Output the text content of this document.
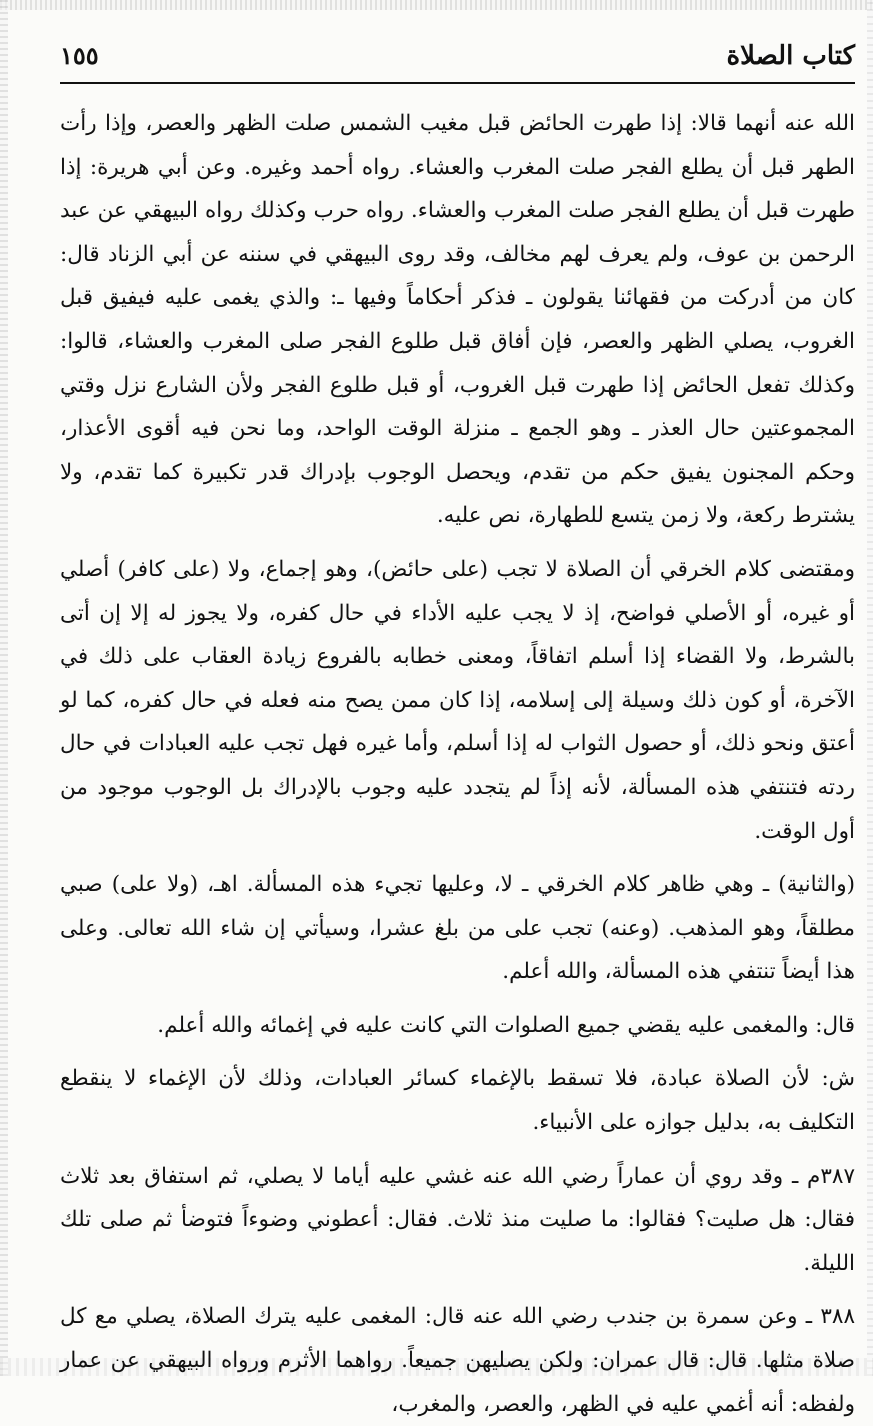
كتاب الصلاة
١٥٥

الله عنه أنهما قالا: إذا طهرت الحائض قبل مغيب الشمس صلت الظهر والعصر، وإذا رأت الطهر قبل أن يطلع الفجر صلت المغرب والعشاء. رواه أحمد وغيره. وعن أبي هريرة: إذا طهرت قبل أن يطلع الفجر صلت المغرب والعشاء. رواه حرب وكذلك رواه البيهقي عن عبد الرحمن بن عوف، ولم يعرف لهم مخالف، وقد روى البيهقي في سننه عن أبي الزناد قال: كان من أدركت من فقهائنا يقولون ـ فذكر أحكاماً وفيها ـ: والذي يغمى عليه فيفيق قبل الغروب، يصلي الظهر والعصر، فإن أفاق قبل طلوع الفجر صلى المغرب والعشاء، قالوا: وكذلك تفعل الحائض إذا طهرت قبل الغروب، أو قبل طلوع الفجر ولأن الشارع نزل وقتي المجموعتين حال العذر ـ وهو الجمع ـ منزلة الوقت الواحد، وما نحن فيه أقوى الأعذار، وحكم المجنون يفيق حكم من تقدم، ويحصل الوجوب بإدراك قدر تكبيرة كما تقدم، ولا يشترط ركعة، ولا زمن يتسع للطهارة، نص عليه.

ومقتضى كلام الخرقي أن الصلاة لا تجب (على حائض)، وهو إجماع، ولا (على كافر) أصلي أو غيره، أو الأصلي فواضح، إذ لا يجب عليه الأداء في حال كفره، ولا يجوز له إلا إن أتى بالشرط، ولا القضاء إذا أسلم اتفاقاً، ومعنى خطابه بالفروع زيادة العقاب على ذلك في الآخرة، أو كون ذلك وسيلة إلى إسلامه، إذا كان ممن يصح منه فعله في حال كفره، كما لو أعتق ونحو ذلك، أو حصول الثواب له إذا أسلم، وأما غيره فهل تجب عليه العبادات في حال ردته فتنتفي هذه المسألة، لأنه إذاً لم يتجدد عليه وجوب بالإدراك بل الوجوب موجود من أول الوقت.

(والثانية) ـ وهي ظاهر كلام الخرقي ـ لا، وعليها تجيء هذه المسألة. اهـ، (ولا على) صبي مطلقاً، وهو المذهب. (وعنه) تجب على من بلغ عشرا، وسيأتي إن شاء الله تعالى. وعلى هذا أيضاً تنتفي هذه المسألة، والله أعلم.

قال: والمغمى عليه يقضي جميع الصلوات التي كانت عليه في إغمائه والله أعلم.

ش: لأن الصلاة عبادة، فلا تسقط بالإغماء كسائر العبادات، وذلك لأن الإغماء لا ينقطع التكليف به، بدليل جوازه على الأنبياء.

٣٨٧م ـ وقد روي أن عماراً رضي الله عنه غشي عليه أياما لا يصلي، ثم استفاق بعد ثلاث فقال: هل صليت؟ فقالوا: ما صليت منذ ثلاث. فقال: أعطوني وضوءاً فتوضأ ثم صلى تلك الليلة.

٣٨٨ ـ وعن سمرة بن جندب رضي الله عنه قال: المغمى عليه يترك الصلاة، يصلي مع كل صلاة مثلها. قال: قال عمران: ولكن يصليهن جميعاً. رواهما الأثرم ورواه البيهقي عن عمار ولفظه: أنه أغمي عليه في الظهر، والعصر، والمغرب،
